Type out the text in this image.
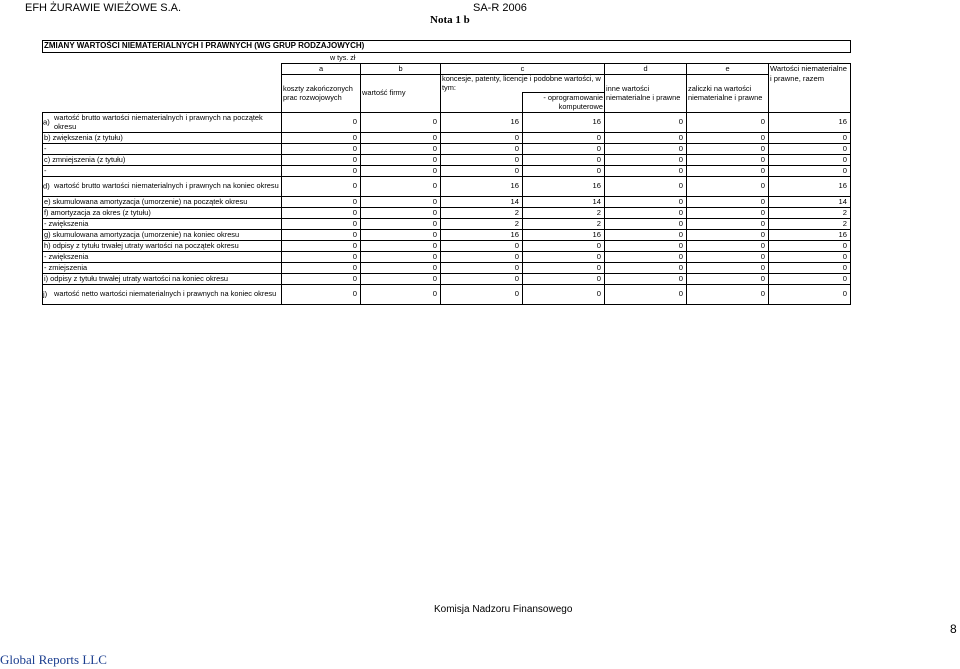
EFH ŻURAWIE WIEŻOWE S.A.	SA-R 2006
Nota 1 b
ZMIANY WARTOŚCI NIEMATERIALNYCH I PRAWNYCH (WG GRUP RODZAJOWYCH)							
	w tys. zł						
	a	b	c		d	e	Wartości niematerialne i prawne, razem
	koszty zakończonych prac rozwojowych	wartość firmy	koncesje, patenty, licencje i podobne wartości, w tym:		inne wartości niematerialne i prawne	zaliczki na wartości niematerialne i prawne	
				- oprogramowanie komputerowe			

a) wartość brutto wartości niematerialnych i prawnych na początek okresu	0	0	16	16	0	0	16
b) zwiększenia (z tytułu)	0	0	0	0	0	0	0
-	0	0	0	0	0	0	0
c) zmniejszenia (z tytułu)	0	0	0	0	0	0	0
-	0	0	0	0	0	0	0

d) wartość brutto wartości niematerialnych i prawnych na koniec okresu	0	0	16	16	0	0	16
e) skumulowana amortyzacja (umorzenie) na początek okresu	0	0	14	14	0	0	14
f) amortyzacja za okres (z tytułu)	0	0	2	2	0	0	2
- zwiększenia	0	0	2	2	0	0	2
g) skumulowana amortyzacja (umorzenie) na koniec okresu	0	0	16	16	0	0	16
h) odpisy z tytułu trwałej utraty wartości na początek okresu	0	0	0	0	0	0	0
- zwiększenia	0	0	0	0	0	0	0
- zmiejszenia	0	0	0	0	0	0	0
i) odpisy z tytułu trwałej utraty wartości na koniec okresu	0	0	0	0	0	0	0

j) wartość netto wartości niematerialnych i prawnych na koniec okresu	0	0	0	0	0	0	0
Komisja Nadzoru Finansowego
8
Global Reports LLC
